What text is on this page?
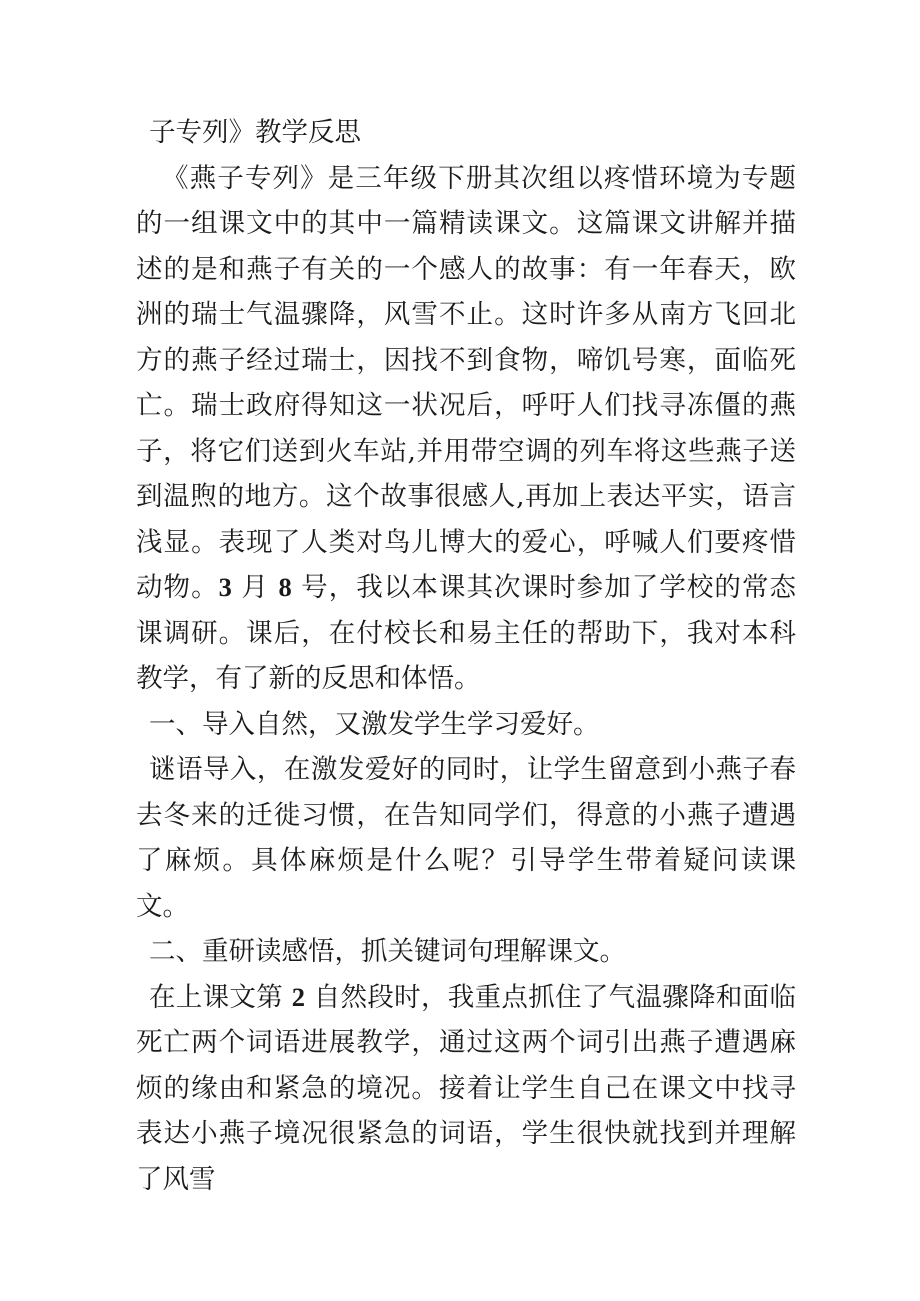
子专列》教学反思

《燕子专列》是三年级下册其次组以疼惜环境为专题的一组课文中的其中一篇精读课文。这篇课文讲解并描述的是和燕子有关的一个感人的故事：有一年春天，欧洲的瑞士气温骤降，风雪不止。这时许多从南方飞回北方的燕子经过瑞士，因找不到食物，啼饥号寒，面临死亡。瑞士政府得知这一状况后，呼吁人们找寻冻僵的燕子，将它们送到火车站,并用带空调的列车将这些燕子送到温煦的地方。这个故事很感人,再加上表达平实，语言浅显。表现了人类对鸟儿博大的爱心，呼喊人们要疼惜动物。3 月 8 号，我以本课其次课时参加了学校的常态课调研。课后，在付校长和易主任的帮助下，我对本科教学，有了新的反思和体悟。

一、导入自然，又激发学生学习爱好。

谜语导入，在激发爱好的同时，让学生留意到小燕子春去冬来的迁徙习惯，在告知同学们，得意的小燕子遭遇了麻烦。具体麻烦是什么呢？引导学生带着疑问读课文。

二、重研读感悟，抓关键词句理解课文。

在上课文第 2 自然段时，我重点抓住了气温骤降和面临死亡两个词语进展教学，通过这两个词引出燕子遭遇麻烦的缘由和紧急的境况。接着让学生自己在课文中找寻表达小燕子境况很紧急的词语，学生很快就找到并理解了风雪
